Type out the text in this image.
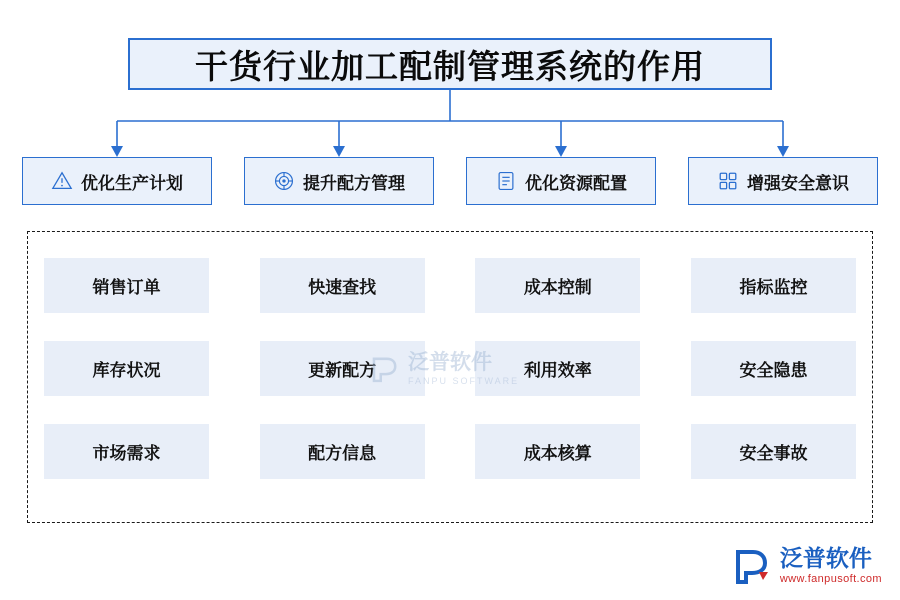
干货行业加工配制管理系统的作用
优化生产计划	提升配方管理	优化资源配置	增强安全意识
销售订单	快速查找	成本控制	指标监控
库存状况	更新配方	利用效率	安全隐患
市场需求	配方信息	成本核算	安全事故
泛普软件
FANPU SOFTWARE
泛普软件
www.fanpusoft.com
